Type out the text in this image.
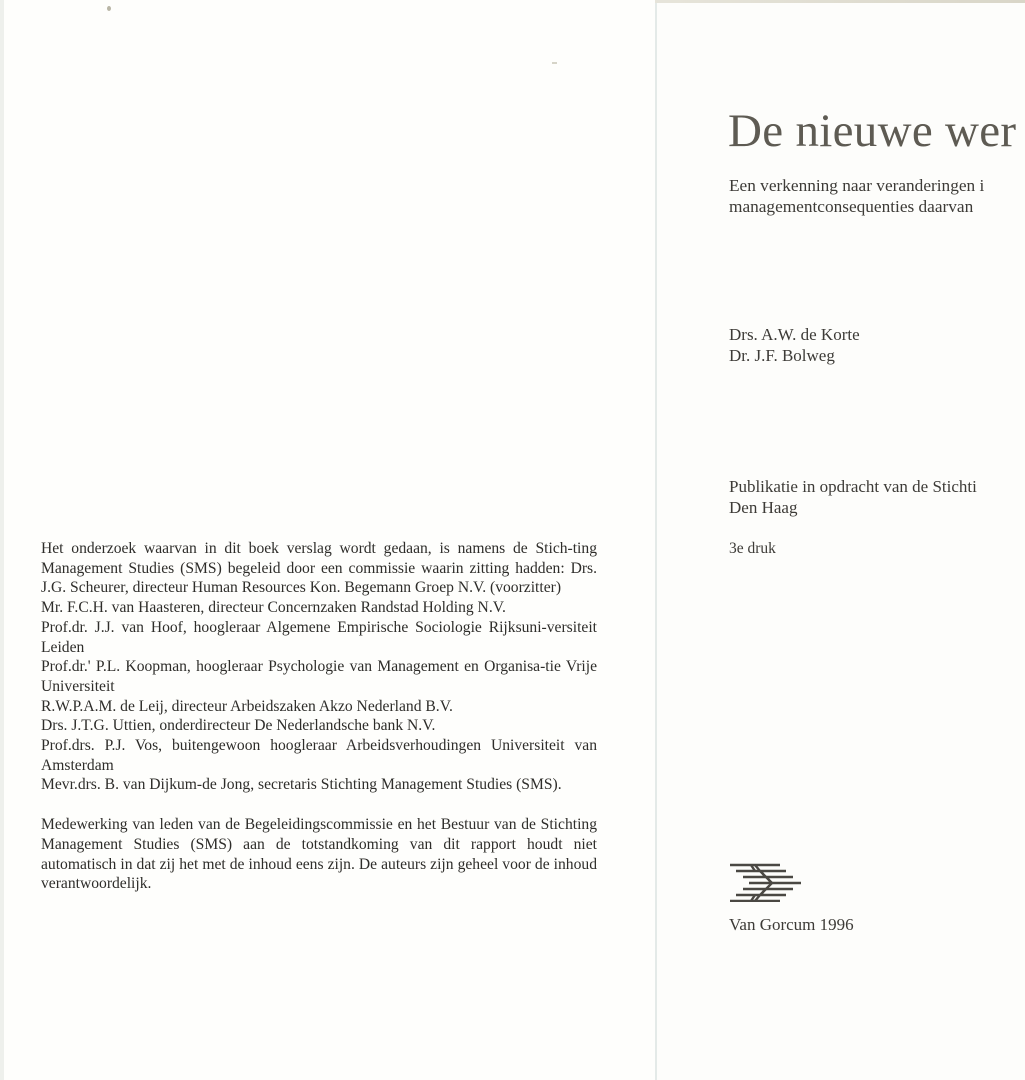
Het onderzoek waarvan in dit boek verslag wordt gedaan, is namens de Stich-ting Management Studies (SMS) begeleid door een commissie waarin zitting hadden: Drs. J.G. Scheurer, directeur Human Resources Kon. Begemann Groep N.V. (voorzitter)

Mr. F.C.H. van Haasteren, directeur Concernzaken Randstad Holding N.V.

Prof.dr. J.J. van Hoof, hoogleraar Algemene Empirische Sociologie Rijksuni-versiteit Leiden

Prof.dr.' P.L. Koopman, hoogleraar Psychologie van Management en Organisa-tie Vrije Universiteit

R.W.P.A.M. de Leij, directeur Arbeidszaken Akzo Nederland B.V.

Drs. J.T.G. Uttien, onderdirecteur De Nederlandsche bank N.V.

Prof.drs. P.J. Vos, buitengewoon hoogleraar Arbeidsverhoudingen Universiteit van Amsterdam

Mevr.drs. B. van Dijkum-de Jong, secretaris Stichting Management Studies (SMS).

Medewerking van leden van de Begeleidingscommissie en het Bestuur van de Stichting Management Studies (SMS) aan de totstandkoming van dit rapport houdt niet automatisch in dat zij het met de inhoud eens zijn. De auteurs zijn geheel voor de inhoud verantwoordelijk.

De nieuwe wer
Een verkenning naar veranderingen i
managementconsequenties daarvan
Drs. A.W. de Korte
Dr. J.F. Bolweg
Publikatie in opdracht van de Stichti
Den Haag
3e druk
Van Gorcum 1996
